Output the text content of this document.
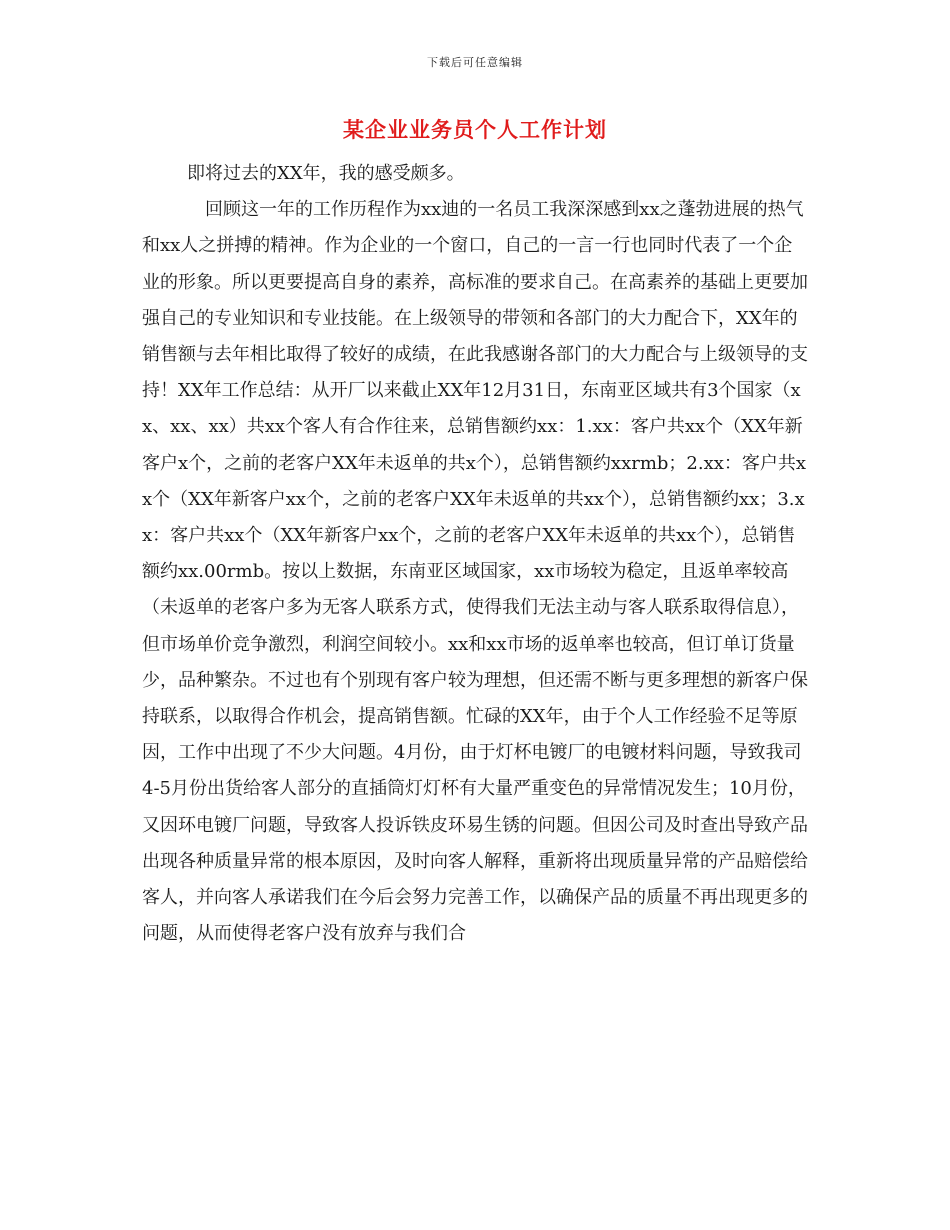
下载后可任意编辑
某企业业务员个人工作计划

即将过去的XX年，我的感受颇多。

回顾这一年的工作历程作为xx迪的一名员工我深深感到xx之蓬勃进展的热气和xx人之拼搏的精神。作为企业的一个窗口，自己的一言一行也同时代表了一个企业的形象。所以更要提高自身的素养，高标准的要求自己。在高素养的基础上更要加强自己的专业知识和专业技能。在上级领导的带领和各部门的大力配合下，XX年的销售额与去年相比取得了较好的成绩，在此我感谢各部门的大力配合与上级领导的支持！XX年工作总结：从开厂以来截止XX年12月31日，东南亚区域共有3个国家（xx、xx、xx）共xx个客人有合作往来，总销售额约xx：1.xx：客户共xx个（XX年新客户x个，之前的老客户XX年未返单的共x个），总销售额约xxrmb；2.xx：客户共xx个（XX年新客户xx个，之前的老客户XX年未返单的共xx个），总销售额约xx；3.xx：客户共xx个（XX年新客户xx个，之前的老客户XX年未返单的共xx个），总销售额约xx.00rmb。按以上数据，东南亚区域国家，xx市场较为稳定，且返单率较高（未返单的老客户多为无客人联系方式，使得我们无法主动与客人联系取得信息），但市场单价竞争激烈，利润空间较小。xx和xx市场的返单率也较高，但订单订货量少，品种繁杂。不过也有个别现有客户较为理想，但还需不断与更多理想的新客户保持联系，以取得合作机会，提高销售额。忙碌的XX年，由于个人工作经验不足等原因，工作中出现了不少大问题。4月份，由于灯杯电镀厂的电镀材料问题，导致我司4-5月份出货给客人部分的直插筒灯灯杯有大量严重变色的异常情况发生；10月份，又因环电镀厂问题，导致客人投诉铁皮环易生锈的问题。但因公司及时查出导致产品出现各种质量异常的根本原因，及时向客人解释，重新将出现质量异常的产品赔偿给客人，并向客人承诺我们在今后会努力完善工作，以确保产品的质量不再出现更多的问题，从而使得老客户没有放弃与我们合
